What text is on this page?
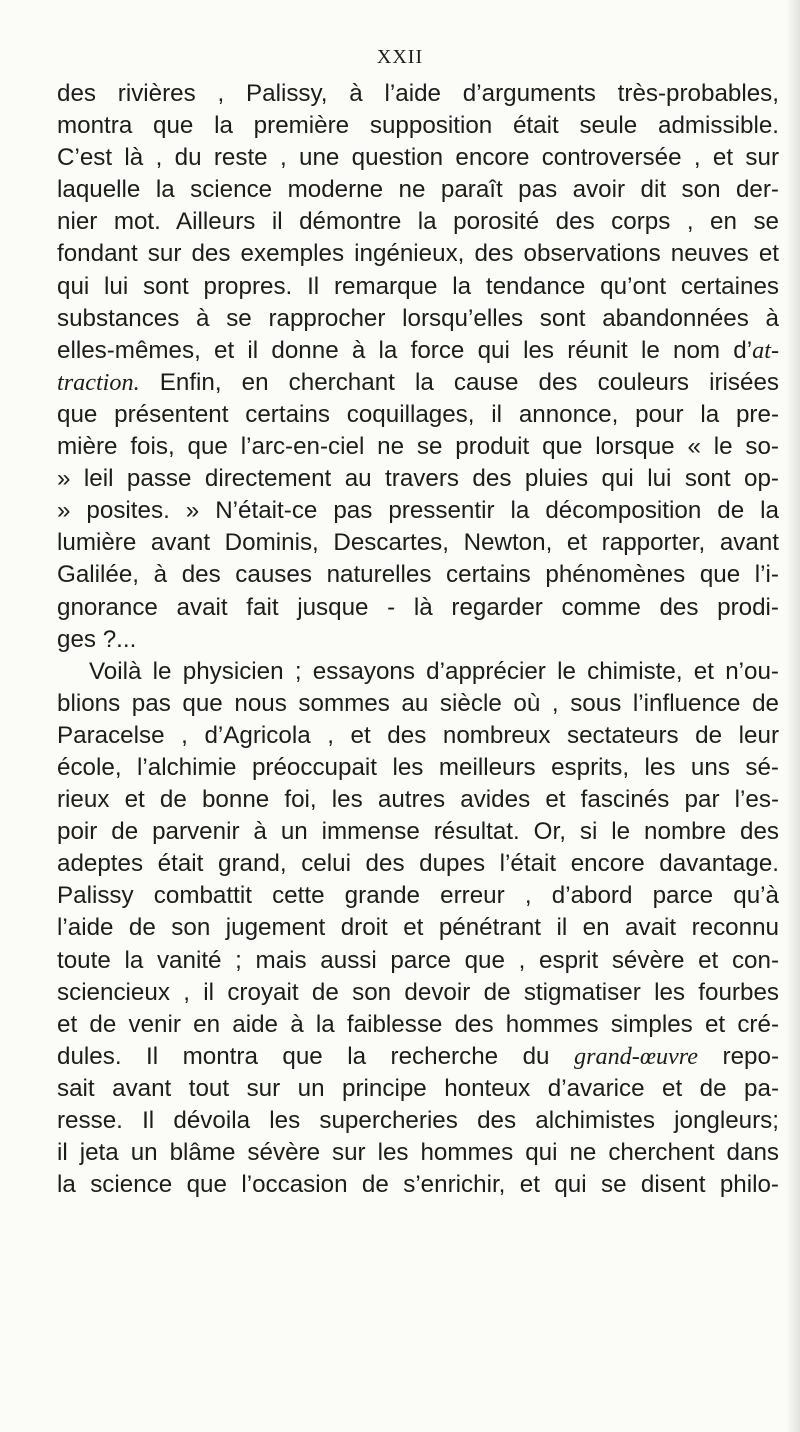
XXII
des rivières , Palissy, à l’aide d’arguments très-probables,
montra que la première supposition était seule admissible.
C’est là , du reste , une question encore controversée , et sur
laquelle la science moderne ne paraît pas avoir dit son der-
nier mot. Ailleurs il démontre la porosité des corps , en se
fondant sur des exemples ingénieux, des observations neuves et
qui lui sont propres. Il remarque la tendance qu’ont certaines
substances à se rapprocher lorsqu’elles sont abandonnées à
elles-mêmes, et il donne à la force qui les réunit le nom d’at-
traction. Enfin, en cherchant la cause des couleurs irisées
que présentent certains coquillages, il annonce, pour la pre-
mière fois, que l’arc-en-ciel ne se produit que lorsque « le so-
» leil passe directement au travers des pluies qui lui sont op-
» posites. » N’était-ce pas pressentir la décomposition de la
lumière avant Dominis, Descartes, Newton, et rapporter, avant
Galilée, à des causes naturelles certains phénomènes que l’i-
gnorance avait fait jusque - là regarder comme des prodi-
ges ?...
Voilà le physicien ; essayons d’apprécier le chimiste, et n’ou-
blions pas que nous sommes au siècle où , sous l’influence de
Paracelse , d’Agricola , et des nombreux sectateurs de leur
école, l’alchimie préoccupait les meilleurs esprits, les uns sé-
rieux et de bonne foi, les autres avides et fascinés par l’es-
poir de parvenir à un immense résultat. Or, si le nombre des
adeptes était grand, celui des dupes l’était encore davantage.
Palissy combattit cette grande erreur , d’abord parce qu’à
l’aide de son jugement droit et pénétrant il en avait reconnu
toute la vanité ; mais aussi parce que , esprit sévère et con-
sciencieux , il croyait de son devoir de stigmatiser les fourbes
et de venir en aide à la faiblesse des hommes simples et cré-
dules. Il montra que la recherche du grand-œuvre repo-
sait avant tout sur un principe honteux d’avarice et de pa-
resse. Il dévoila les supercheries des alchimistes jongleurs;
il jeta un blâme sévère sur les hommes qui ne cherchent dans
la science que l’occasion de s’enrichir, et qui se disent philo-
